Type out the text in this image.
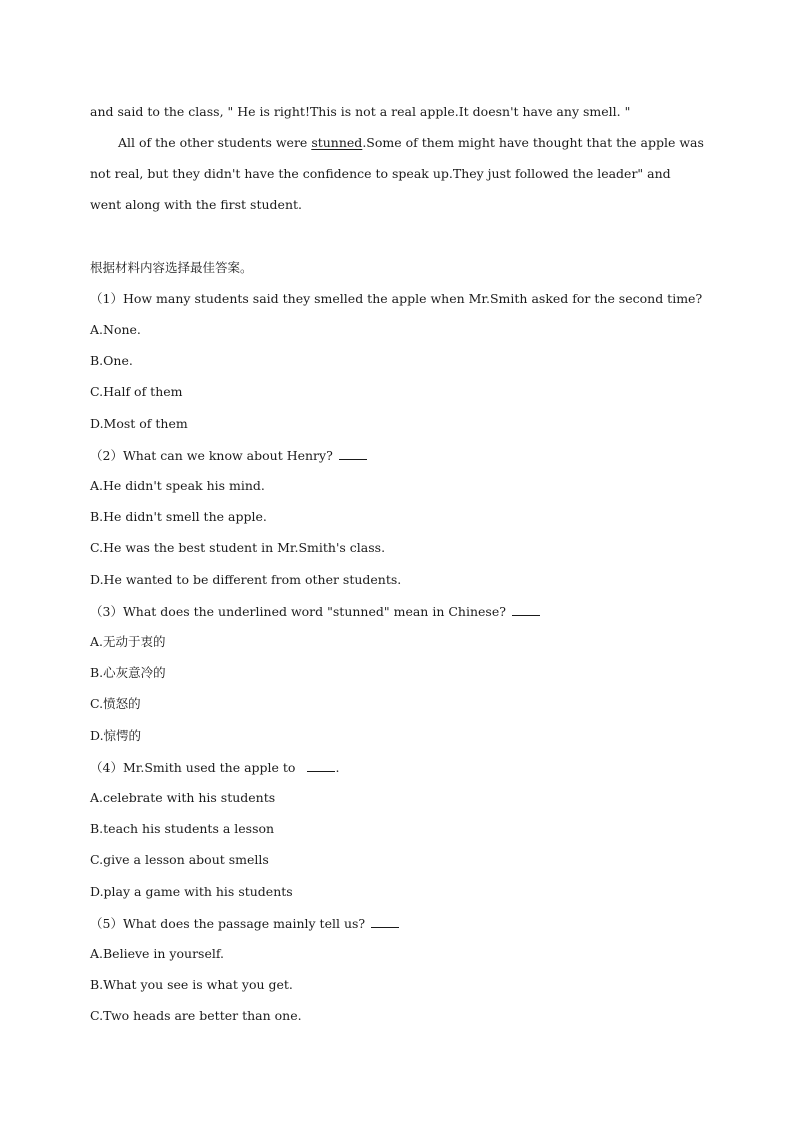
and said to the class, " He is right!This is not a real apple.It doesn't have any smell. "
All of the other students were stunned.Some of them might have thought that the apple was
not real, but they didn't have the confidence to speak up.They just followed the leader" and
went along with the first student.
根据材料内容选择最佳答案。
（1）How many students said they smelled the apple when Mr.Smith asked for the second time?
A.None.
B.One.
C.Half of them
D.Most of them
（2）What can we know about Henry?
A.He didn't speak his mind.
B.He didn't smell the apple.
C.He was the best student in Mr.Smith's class.
D.He wanted to be different from other students.
（3）What does the underlined word "stunned" mean in Chinese?
A.无动于衷的
B.心灰意冷的
C.愤怒的
D.惊愕的
（4）Mr.Smith used the apple to	.
A.celebrate with his students
B.teach his students a lesson
C.give a lesson about smells
D.play a game with his students
（5）What does the passage mainly tell us?
A.Believe in yourself.
B.What you see is what you get.
C.Two heads are better than one.
